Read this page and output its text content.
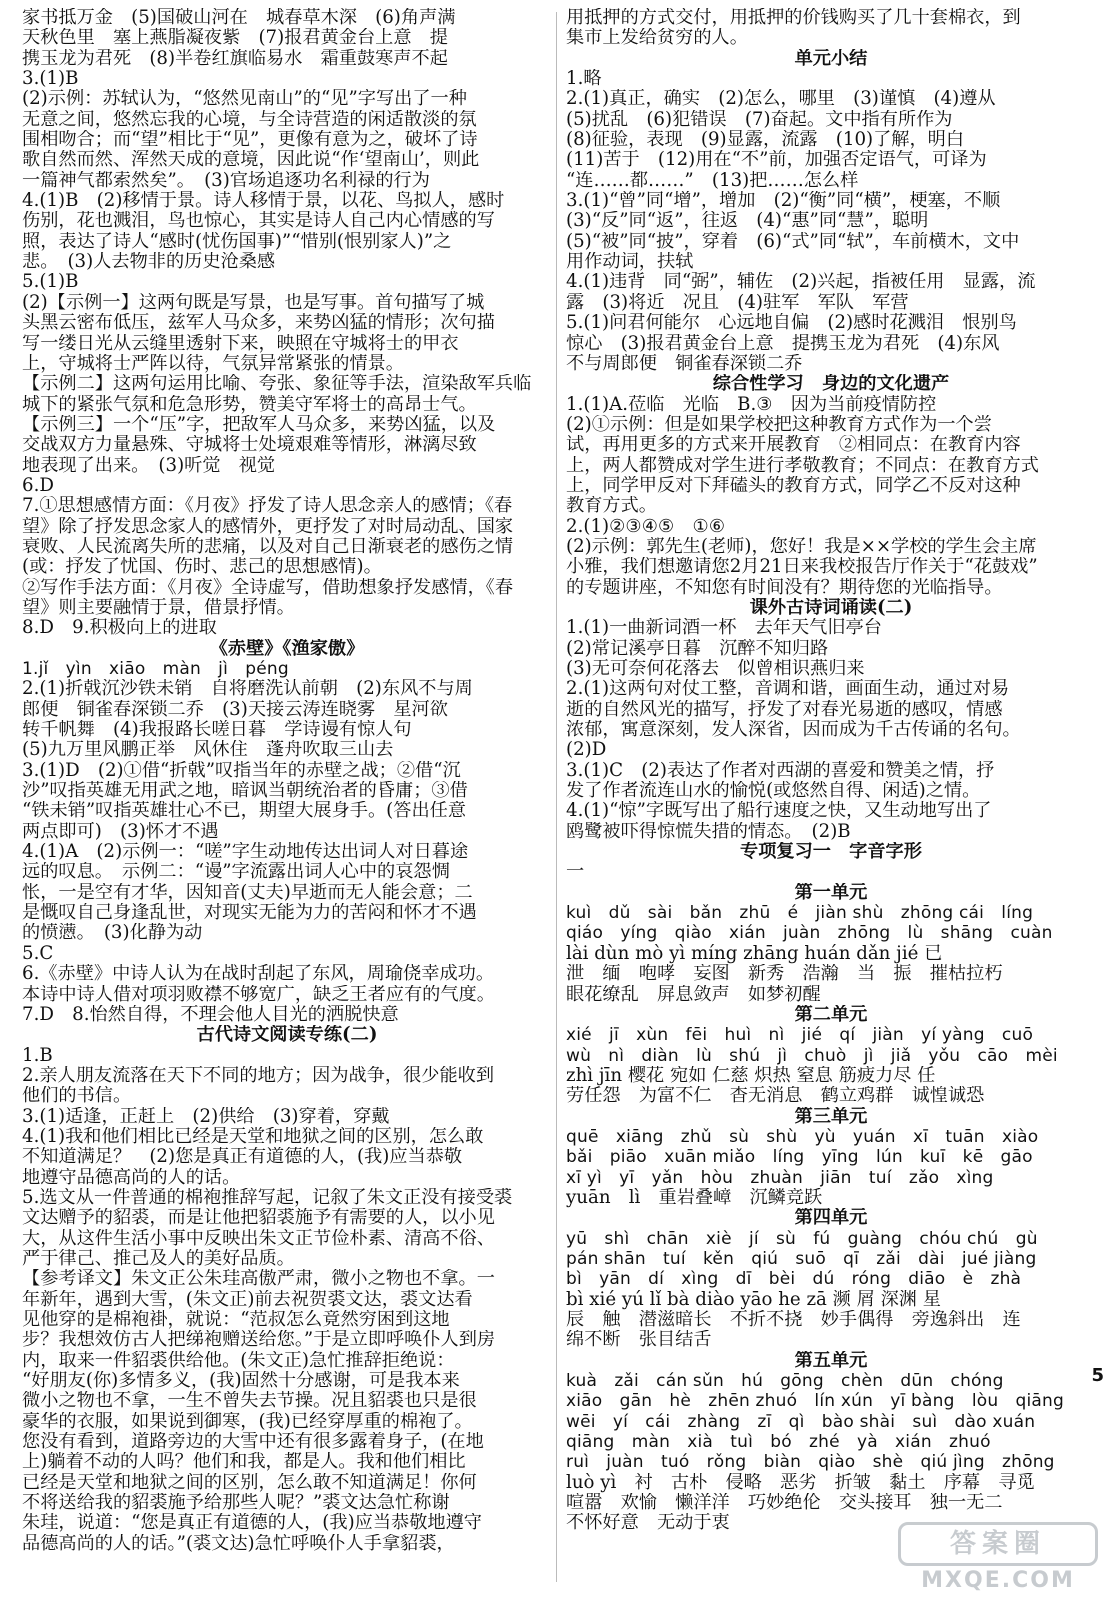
家书抵万金　(5)国破山河在　城春草木深　(6)角声满
天秋色里　塞上燕脂凝夜紫　(7)报君黄金台上意　提
携玉龙为君死　(8)半卷红旗临易水　霜重鼓寒声不起
3.(1)B
(2)示例：苏轼认为，“悠然见南山”的“见”字写出了一种
无意之间，悠然忘我的心境，与全诗营造的闲适散淡的氛
围相吻合；而“望”相比于“见”，更像有意为之，破坏了诗
歌自然而然、浑然天成的意境，因此说“作‘望南山’，则此
一篇神气都索然矣”。　(3)官场追逐功名利禄的行为
4.(1)B　(2)移情于景。诗人移情于景，以花、鸟拟人，感时
伤别，花也溅泪，鸟也惊心，其实是诗人自己内心情感的写
照，表达了诗人“感时(忧伤国事)”“惜别(恨别家人)”之
悲。　(3)人去物非的历史沧桑感
5.(1)B
(2)【示例一】这两句既是写景，也是写事。首句描写了城
头黑云密布低压，兹军人马众多，来势凶猛的情形；次句描
写一缕日光从云缝里透射下来，映照在守城将士的甲衣
上，守城将士严阵以待，气氛异常紧张的情景。
【示例二】这两句运用比喻、夸张、象征等手法，渲染敌军兵临
城下的紧张气氛和危急形势，赞美守军将士的高昂士气。
【示例三】一个“压”字，把敌军人马众多，来势凶猛，以及
交战双方力量悬殊、守城将士处境艰难等情形，淋漓尽致
地表现了出来。　(3)听觉　视觉
6.D
7.①思想感情方面：《月夜》抒发了诗人思念亲人的感情；《春
望》除了抒发思念家人的感情外，更抒发了对时局动乱、国家
衰败、人民流离失所的悲痛，以及对自己日渐衰老的感伤之情
(或：抒发了忧国、伤时、悲己的思想感情)。
②写作手法方面：《月夜》全诗虚写，借助想象抒发感情，《春
望》则主要融情于景，借景抒情。
8.D　9.积极向上的进取
《赤壁》《渔家傲》
1.jǐ　yìn　xiāo　màn　jì　péng
2.(1)折戟沉沙铁未销　自将磨洗认前朝　(2)东风不与周
郎便　铜雀春深锁二乔　(3)天接云涛连晓雾　星河欲
转千帆舞　(4)我报路长嗟日暮　学诗谩有惊人句
(5)九万里风鹏正举　风休住　蓬舟吹取三山去
3.(1)D　(2)①借“折戟”叹指当年的赤壁之战；②借“沉
沙”叹指英雄无用武之地，暗讽当朝统治者的昏庸；③借
“铁未销”叹指英雄壮心不已，期望大展身手。(答出任意
两点即可)　(3)怀才不遇
4.(1)A　(2)示例一：“嗟”字生动地传达出词人对日暮途
远的叹息。　示例二：“谩”字流露出词人心中的哀怨惆
怅，一是空有才华，因知音(丈夫)早逝而无人能会意；二
是慨叹自己身逢乱世，对现实无能为力的苦闷和怀才不遇
的愤懑。　(3)化静为动
5.C
6.《赤壁》中诗人认为在战时刮起了东风，周瑜侥幸成功。
本诗中诗人借对项羽败襟不够宽广，缺乏王者应有的气度。
7.D　8.怡然自得，不理会他人目光的洒脱快意
古代诗文阅读专练(二)
1.B
2.亲人朋友流落在天下不同的地方；因为战争，很少能收到
他们的书信。
3.(1)适逢，正赶上　(2)供给　(3)穿着，穿戴
4.(1)我和他们相比已经是天堂和地狱之间的区别，怎么敢
不知道满足？　(2)您是真正有道德的人，(我)应当恭敬
地遵守品德高尚的人的话。
5.选文从一件普通的棉袍推辞写起，记叙了朱文正没有接受裘
文达赠予的貂裘，而是让他把貂裘施予有需要的人，以小见
大，从这件生活小事中反映出朱文正节俭朴素、清高不俗、
严于律己、推己及人的美好品质。
【参考译文】朱文正公朱珪高傲严肃，微小之物也不拿。一
年新年，遇到大雪，(朱文正)前去祝贺裘文达，裘文达看
见他穿的是棉袍褂，就说：“范叔怎么竟然穷困到这地
步？我想效仿古人把绨袍赠送给您。”于是立即呼唤仆人到房
内，取来一件貂裘供给他。(朱文正)急忙推辞拒绝说：
“好朋友(你)多情多义，(我)固然十分感谢，可是我本来
微小之物也不拿，一生不曾失去节操。况且貂裘也只是很
豪华的衣服，如果说到御寒，(我)已经穿厚重的棉袍了。
您没有看到，道路旁边的大雪中还有很多露着身子，(在地
上)躺着不动的人吗？他们和我，都是人。我和他们相比
已经是天堂和地狱之间的区别，怎么敢不知道满足！你何
不将送给我的貂裘施予给那些人呢？”裘文达急忙称谢
朱珪，说道：“您是真正有道德的人，(我)应当恭敬地遵守
品德高尚的人的话。”(裘文达)急忙呼唤仆人手拿貂裘，
用抵押的方式交付，用抵押的价钱购买了几十套棉衣，到
集市上发给贫穷的人。
单元小结
1.略
2.(1)真正，确实　(2)怎么，哪里　(3)谨慎　(4)遵从
(5)扰乱　(6)犯错误　(7)奋起。文中指有所作为
(8)征验，表现　(9)显露，流露　(10)了解，明白
(11)苦于　(12)用在“不”前，加强否定语气，可译为
“连……都……”　(13)把……怎么样
3.(1)“曾”同“增”，增加　(2)“衡”同“横”，梗塞，不顺
(3)“反”同“返”，往返　(4)“惠”同“慧”，聪明
(5)“被”同“披”，穿着　(6)“式”同“轼”，车前横木，文中
用作动词，扶轼
4.(1)违背　同“弼”，辅佐　(2)兴起，指被任用　显露，流
露　(3)将近　况且　(4)驻军　军队　军营
5.(1)问君何能尔　心远地自偏　(2)感时花溅泪　恨别鸟
惊心　(3)报君黄金台上意　提携玉龙为君死　(4)东风
不与周郎便　铜雀春深锁二乔
综合性学习　身边的文化遗产
1.(1)A.莅临　光临　B.③　因为当前疫情防控
(2)①示例：但是如果学校把这种教育方式作为一个尝
试，再用更多的方式来开展教育　②相同点：在教育内容
上，两人都赞成对学生进行孝敬教育；不同点：在教育方式
上，同学甲反对下拜磕头的教育方式，同学乙不反对这种
教育方式。
2.(1)②③④⑤　①⑥
(2)示例：郭先生(老师)，您好！我是××学校的学生会主席
小雅，我们想邀请您2月21日来我校报告厅作关于“花鼓戏”
的专题讲座，不知您有时间没有？期待您的光临指导。
课外古诗词诵读(二)
1.(1)一曲新词酒一杯　去年天气旧亭台
(2)常记溪亭日暮　沉醉不知归路
(3)无可奈何花落去　似曾相识燕归来
2.(1)这两句对仗工整，音调和谐，画面生动，通过对易
逝的自然风光的描写，抒发了对春光易逝的感叹，情感
浓郁，寓意深刻，发人深省，因而成为千古传诵的名句。
(2)D
3.(1)C　(2)表达了作者对西湖的喜爱和赞美之情，抒
发了作者流连山水的愉悦(或悠然自得、闲适)之情。
4.(1)“惊”字既写出了船行速度之快，又生动地写出了
鸥鹭被吓得惊慌失措的情态。　(2)B
专项复习一　字音字形
一
第一单元
kuì　dǔ　sài　bǎn　zhū　é　jiàn shù　zhōng cái　líng
qiáo　yíng　qiào　xián　juàn　zhōng　lù　shāng　cuàn
lài dùn mò yì míng zhāng huán dǎn jié 已
泄　缅　咆哮　妄图　新秀　浩瀚　当　振　摧枯拉朽
眼花缭乱　屏息敛声　如梦初醒
第二单元
xié　jī　xùn　fēi　huì　nì　jié　qí　jiàn　yí yàng　cuō
wù　nì　diàn　lù　shú　jì　chuò　jì　jiǎ　yǒu　cāo　mèi
zhì jīn 樱花 宛如 仁慈 炽热 窒息 筋疲力尽 任
劳任怨　为富不仁　杳无消息　鹤立鸡群　诚惶诚恐
第三单元
quē　xiāng　zhǔ　sù　shù　yù　yuán　xī　tuān　xiào
bǎi　piāo　xuān miǎo　líng　yīng　lún　kuī　kē　gāo
xī yì　yī　yǎn　hòu　zhuàn　jiān　tuí　zǎo　xìng
yuān　lì　重岩叠嶂　沉鳞竞跃
第四单元
yū　shì　chān　xiè　jí　sù　fú　guàng　chóu chú　gù
pán shān　tuí　kěn　qiú　suō　qī　zǎi　dài　jué jiàng
bì　yān　dí　xìng　dī　bèi　dú　róng　diāo　è　zhà
bì xié yú lǐ bà diào yāo he zā 濒 屑 深渊 星
辰　触　潜滋暗长　不折不挠　妙手偶得　旁逸斜出　连
绵不断　张目结舌
第五单元
kuà　zǎi　cán sǔn　hú　gōng　chèn　dūn　chóng
xiāo　gān　hè　zhēn zhuó　lín xún　yī bàng　lòu　qiāng
wēi　yí　cái　zhàng　zī　qì　bào shài　suì　dào xuán
qiāng　màn　xià　tuì　bó　zhé　yà　xián　zhuó
ruì　juàn　tuó　rǒng　biàn　qiào　shè　qiú jìng　zhōng
luò yì　衬　古朴　侵略　恶劣　折皱　黏土　序幕　寻觅
喧嚣　欢愉　懒洋洋　巧妙绝伦　交头接耳　独一无二
不怀好意　无动于衷
5
答案圈
MXQE.COM
